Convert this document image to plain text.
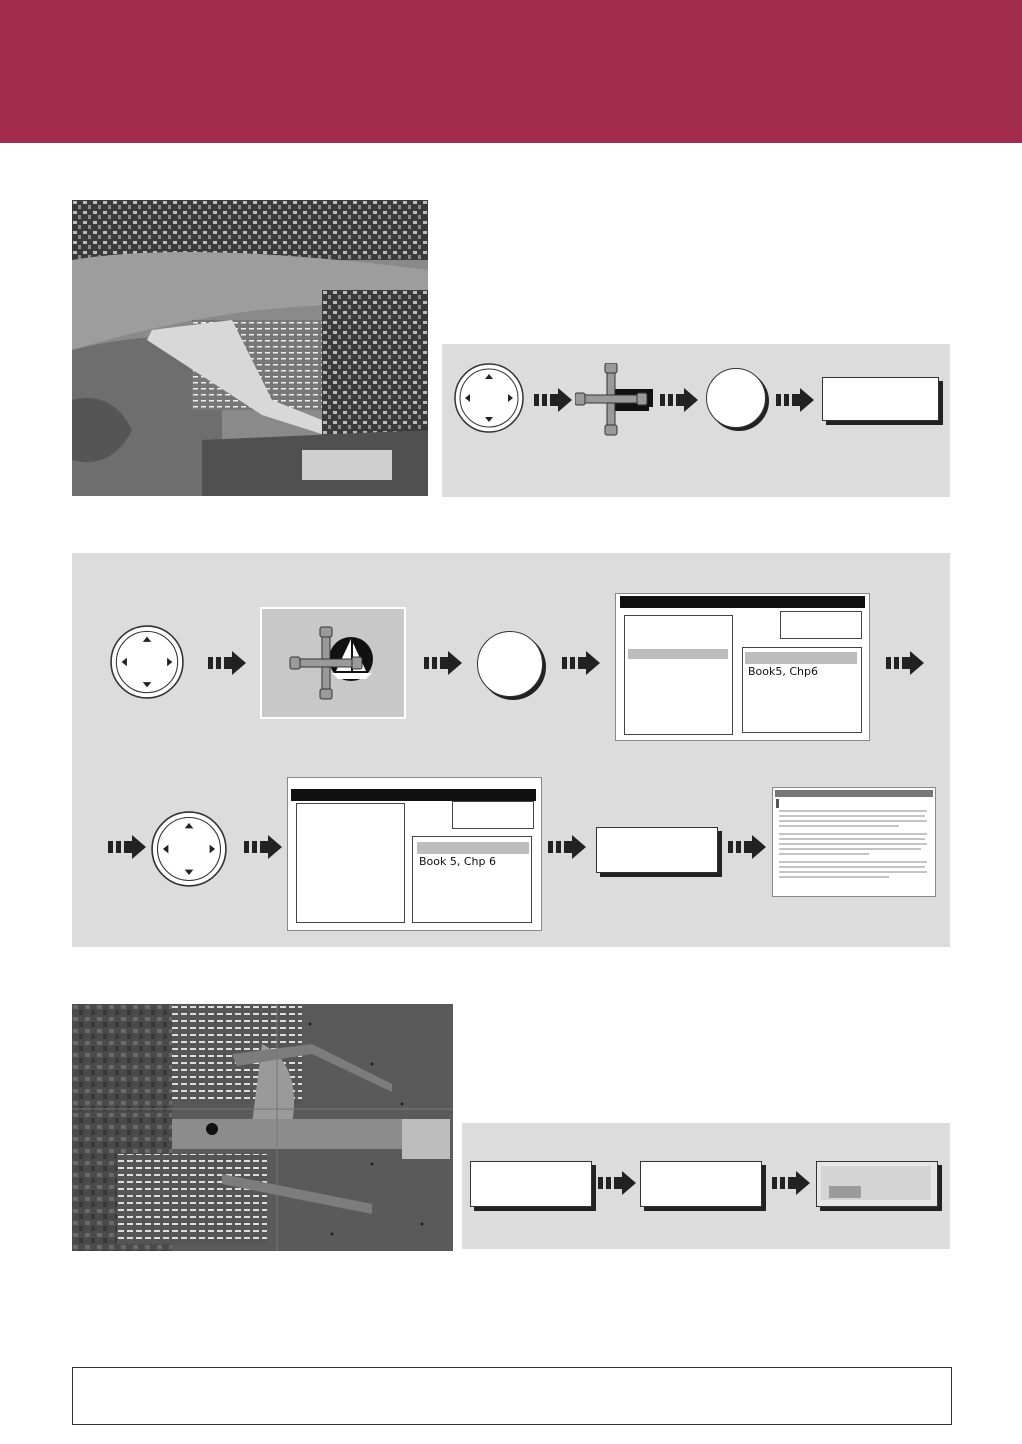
Book5, Chp6
Book 5, Chp 6
